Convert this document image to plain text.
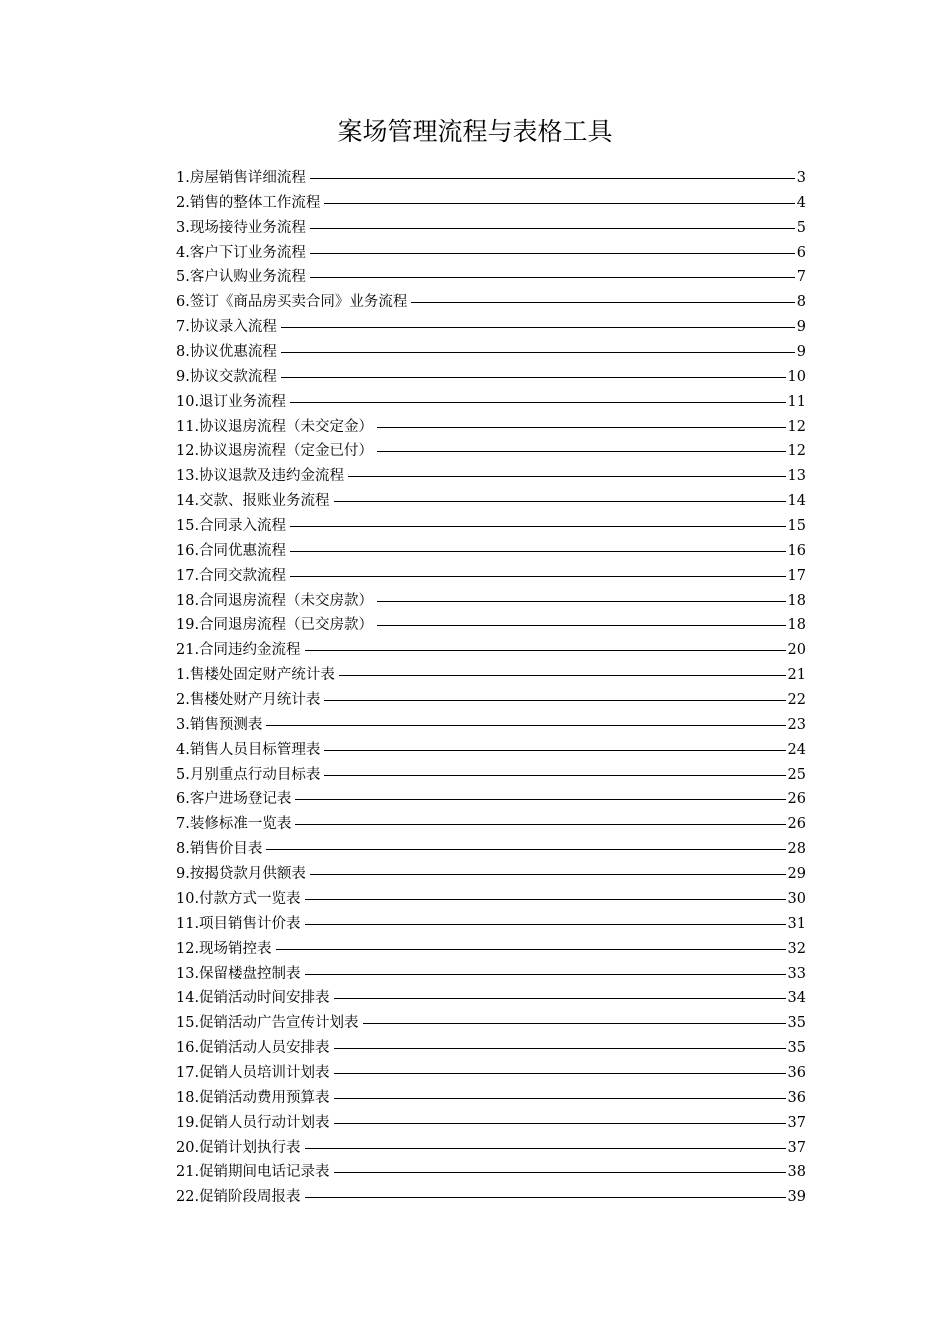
案场管理流程与表格工具
1.房屋销售详细流程	3
2.销售的整体工作流程	4
3.现场接待业务流程	5
4.客户下订业务流程	6
5.客户认购业务流程	7
6.签订《商品房买卖合同》业务流程	8
7.协议录入流程	9
8.协议优惠流程	9
9.协议交款流程	10
10.退订业务流程	11
11.协议退房流程（未交定金）	12
12.协议退房流程（定金已付）	12
13.协议退款及违约金流程	13
14.交款、报账业务流程	14
15.合同录入流程	15
16.合同优惠流程	16
17.合同交款流程	17
18.合同退房流程（未交房款）	18
19.合同退房流程（已交房款）	18
21.合同违约金流程	20
1.售楼处固定财产统计表	21
2.售楼处财产月统计表	22
3.销售预测表	23
4.销售人员目标管理表	24
5.月别重点行动目标表	25
6.客户进场登记表	26
7.装修标准一览表	26
8.销售价目表	28
9.按揭贷款月供额表	29
10.付款方式一览表	30
11.项目销售计价表	31
12.现场销控表	32
13.保留楼盘控制表	33
14.促销活动时间安排表	34
15.促销活动广告宣传计划表	35
16.促销活动人员安排表	35
17.促销人员培训计划表	36
18.促销活动费用预算表	36
19.促销人员行动计划表	37
20.促销计划执行表	37
21.促销期间电话记录表	38
22.促销阶段周报表	39
